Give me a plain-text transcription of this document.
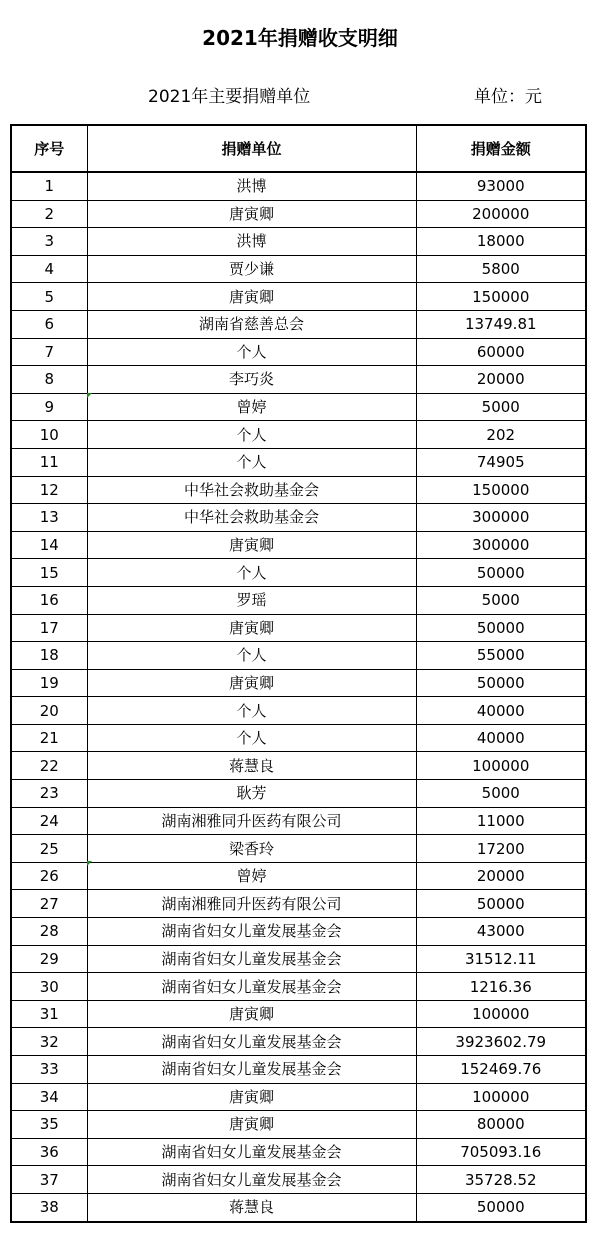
2021年捐赠收支明细
2021年主要捐赠单位	单位：元
序号	捐赠单位	捐赠金额
1	洪博	93000
2	唐寅卿	200000
3	洪博	18000
4	贾少谦	5800
5	唐寅卿	150000
6	湖南省慈善总会	13749.81
7	个人	60000
8	李巧炎	20000
9	曾婷	5000
10	个人	202
11	个人	74905
12	中华社会救助基金会	150000
13	中华社会救助基金会	300000
14	唐寅卿	300000
15	个人	50000
16	罗瑶	5000
17	唐寅卿	50000
18	个人	55000
19	唐寅卿	50000
20	个人	40000
21	个人	40000
22	蒋慧良	100000
23	耿芳	5000
24	湖南湘雅同升医药有限公司	11000
25	梁香玲	17200
26	曾婷	20000
27	湖南湘雅同升医药有限公司	50000
28	湖南省妇女儿童发展基金会	43000
29	湖南省妇女儿童发展基金会	31512.11
30	湖南省妇女儿童发展基金会	1216.36
31	唐寅卿	100000
32	湖南省妇女儿童发展基金会	3923602.79
33	湖南省妇女儿童发展基金会	152469.76
34	唐寅卿	100000
35	唐寅卿	80000
36	湖南省妇女儿童发展基金会	705093.16
37	湖南省妇女儿童发展基金会	35728.52
38	蒋慧良	50000
